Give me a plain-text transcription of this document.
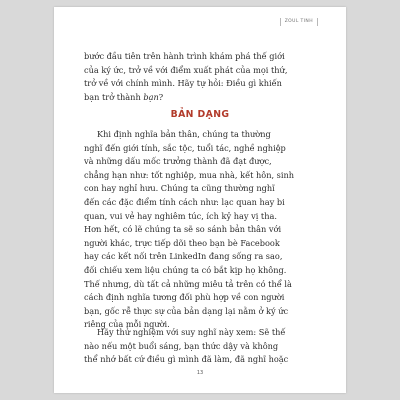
ZOUL TINH
bước đầu tiên trên hành trình khám phá thế giới
của ký ức, trở về với điểm xuất phát của mọi thứ,
trở về với chính mình. Hãy tự hỏi: Điều gì khiến
bạn trở thành bạn?
BẢN DẠNG
Khi định nghĩa bản thân, chúng ta thường
nghĩ đến giới tính, sắc tộc, tuổi tác, nghề nghiệp
và những dấu mốc trưởng thành đã đạt được,
chẳng hạn như: tốt nghiệp, mua nhà, kết hôn, sinh
con hay nghỉ hưu. Chúng ta cũng thường nghĩ
đến các đặc điểm tính cách như: lạc quan hay bi
quan, vui vẻ hay nghiêm túc, ích kỷ hay vị tha.
Hơn hết, có lẽ chúng ta sẽ so sánh bản thân với
người khác, trực tiếp dõi theo bạn bè Facebook
hay các kết nối trên LinkedIn đang sống ra sao,
đối chiếu xem liệu chúng ta có bắt kịp họ không.
Thế nhưng, dù tất cả những miêu tả trên có thể là
cách định nghĩa tương đối phù hợp về con người
bạn, gốc rễ thực sự của bản dạng lại nằm ở ký ức
riêng của mỗi người.
Hãy thử nghiệm với suy nghĩ này xem: Sẽ thế
nào nếu một buổi sáng, bạn thức dậy và không
thể nhớ bất cứ điều gì mình đã làm, đã nghĩ hoặc
13
